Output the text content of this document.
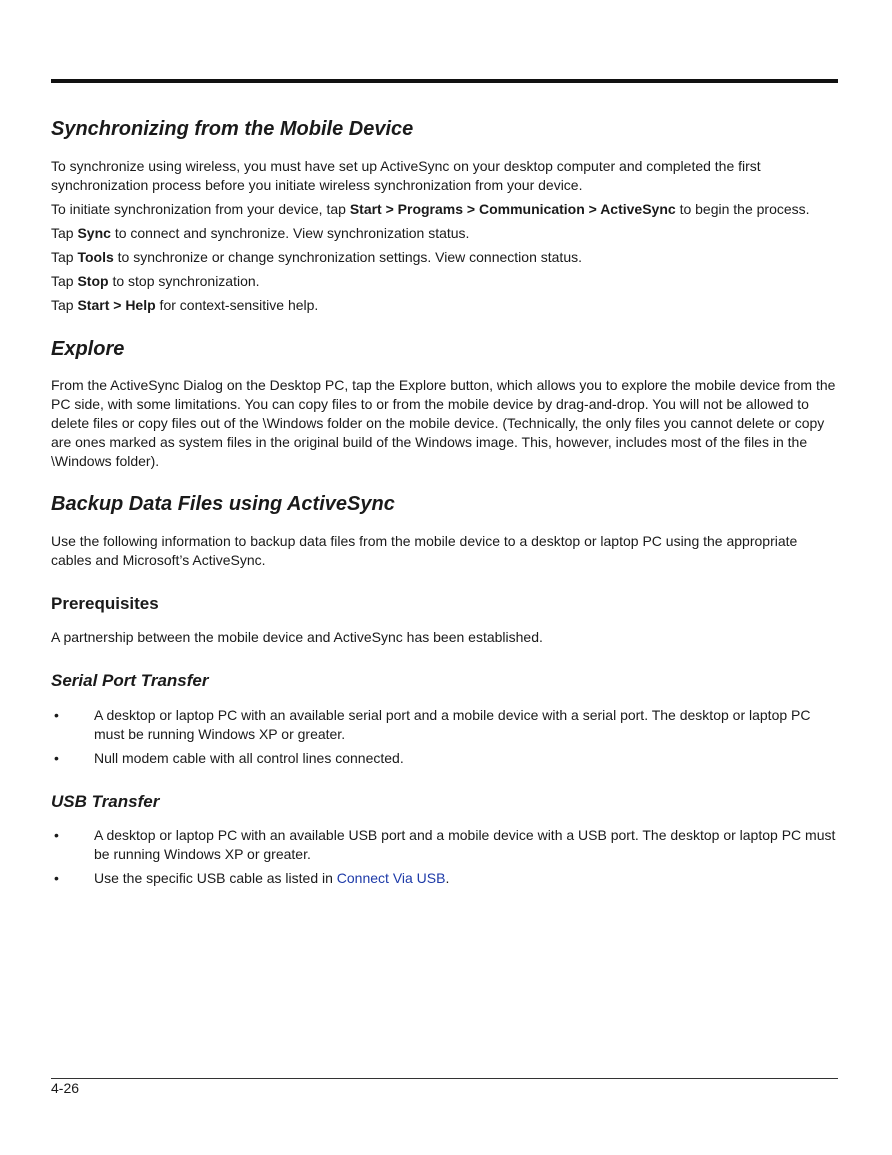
Synchronizing from the Mobile Device

To synchronize using wireless, you must have set up ActiveSync on your desktop computer and completed the first synchronization process before you initiate wireless synchronization from your device.

To initiate synchronization from your device, tap Start > Programs > Communication > ActiveSync to begin the process.

Tap Sync to connect and synchronize. View synchronization status.

Tap Tools to synchronize or change synchronization settings. View connection status.

Tap Stop to stop synchronization.

Tap Start > Help for context-sensitive help.

Explore

From the ActiveSync Dialog on the Desktop PC, tap the Explore button, which allows you to explore the mobile device from the PC side, with some limitations. You can copy files to or from the mobile device by drag-and-drop. You will not be allowed to delete files or copy files out of the \Windows folder on the mobile device. (Technically, the only files you cannot delete or copy are ones marked as system files in the original build of the Windows image. This, however, includes most of the files in the \Windows folder).

Backup Data Files using ActiveSync

Use the following information to backup data files from the mobile device to a desktop or laptop PC using the appropriate cables and Microsoft’s ActiveSync.

Prerequisites

A partnership between the mobile device and ActiveSync has been established.

Serial Port Transfer
•	A desktop or laptop PC with an available serial port and a mobile device with a serial port. The desktop or laptop PC must be running Windows XP or greater.
•	Null modem cable with all control lines connected.
USB Transfer
•	A desktop or laptop PC with an available USB port and a mobile device with a USB port. The desktop or laptop PC must be running Windows XP or greater.
•	Use the specific USB cable as listed in Connect Via USB.
4-26
